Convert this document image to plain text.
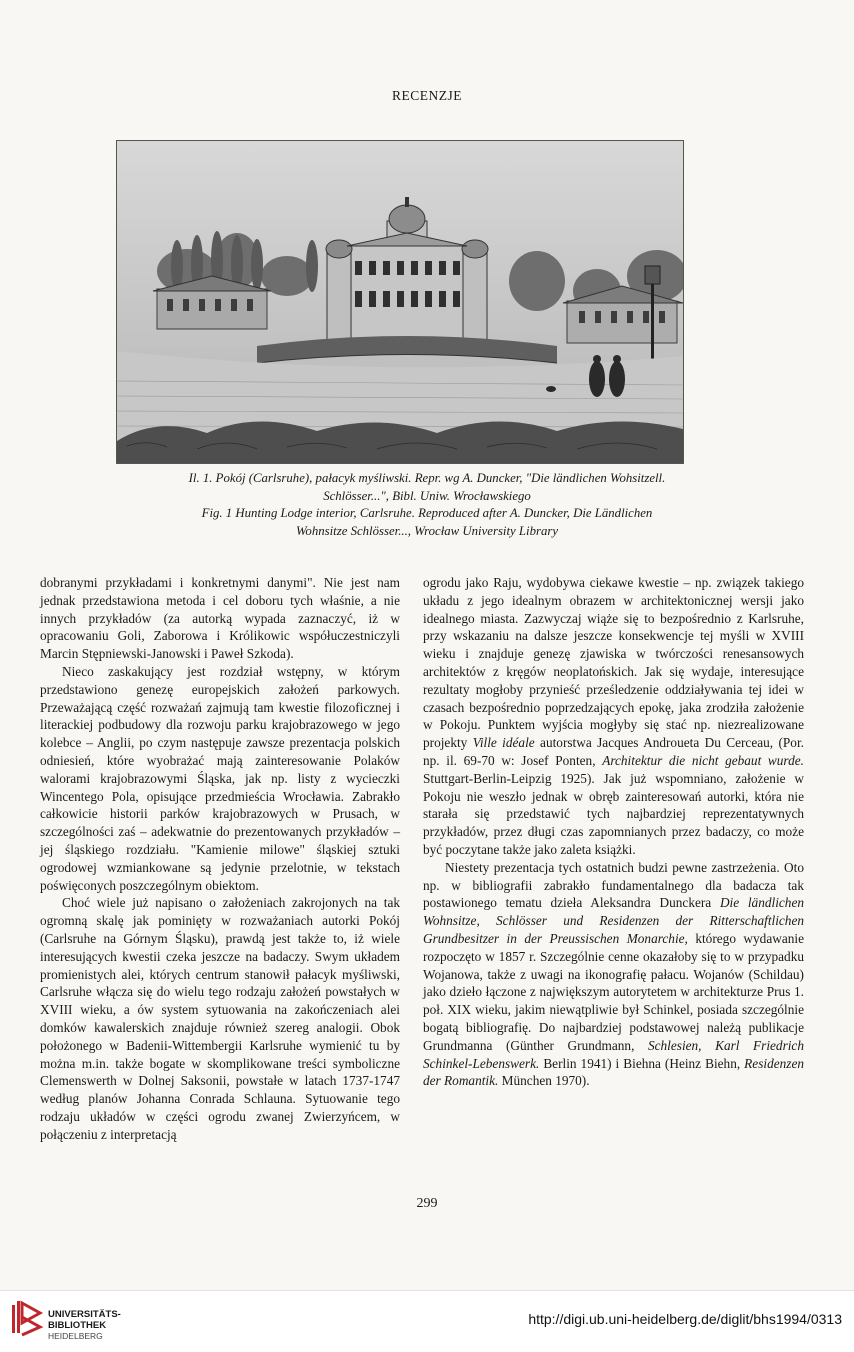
RECENZJE
Il. 1. Pokój (Carlsruhe), pałacyk myśliwski. Repr. wg A. Duncker, "Die ländlichen Wohsitzell.
Schlösser...", Bibl. Uniw. Wrocławskiego
Fig. 1 Hunting Lodge interior, Carlsruhe. Reproduced after A. Duncker, Die Ländlichen
Wohnsitze Schlösser..., Wrocław University Library

dobranymi przykładami i konkretnymi danymi". Nie jest nam jednak przedstawiona metoda i cel doboru tych właśnie, a nie innych przykładów (za autorką wypada zaznaczyć, iż w opracowaniu Goli, Zaborowa i Królikowic współuczestniczyli Marcin Stępniewski-Janowski i Paweł Szkoda).

Nieco zaskakujący jest rozdział wstępny, w którym przedstawiono genezę europejskich założeń parkowych. Przeważającą część rozważań zajmują tam kwestie filozoficznej i literackiej podbudowy dla rozwoju parku krajobrazowego w jego kolebce – Anglii, po czym następuje zawsze prezentacja polskich odniesień, które wyobrażać mają zainteresowanie Polaków walorami krajobrazowymi Śląska, jak np. listy z wycieczki Wincentego Pola, opisujące przedmieścia Wrocławia. Zabrakło całkowicie historii parków krajobrazowych w Prusach, w szczególności zaś – adekwatnie do prezentowanych przykładów – jej śląskiego rozdziału. "Kamienie milowe" śląskiej sztuki ogrodowej wzmiankowane są jedynie przelotnie, w tekstach poświęconych poszczególnym obiektom.

Choć wiele już napisano o założeniach zakrojonych na tak ogromną skalę jak pominięty w rozważaniach autorki Pokój (Carlsruhe na Górnym Śląsku), prawdą jest także to, iż wiele interesujących kwestii czeka jeszcze na badaczy. Swym układem promienistych alei, których centrum stanowił pałacyk myśliwski, Carlsruhe włącza się do wielu tego rodzaju założeń powstałych w XVIII wieku, a ów system sytuowania na zakończeniach alei domków kawalerskich znajduje również szereg analogii. Obok położonego w Badenii-Wittembergii Karlsruhe wymienić tu by można m.in. także bogate w skomplikowane treści symboliczne Clemenswerth w Dolnej Saksonii, powstałe w latach 1737-1747 według planów Johanna Conrada Schlauna. Sytuowanie tego rodzaju układów w części ogrodu zwanej Zwierzyńcem, w połączeniu z interpretacją

ogrodu jako Raju, wydobywa ciekawe kwestie – np. związek takiego układu z jego idealnym obrazem w architektonicznej wersji jako idealnego miasta. Zazwyczaj wiąże się to bezpośrednio z Karlsruhe, przy wskazaniu na dalsze jeszcze konsekwencje tej myśli w XVIII wieku i znajduje genezę zjawiska w twórczości renesansowych architektów z kręgów neoplatońskich. Jak się wydaje, interesujące rezultaty mogłoby przynieść prześledzenie oddziaływania tej idei w czasach bezpośrednio poprzedzających epokę, jaka zrodziła założenie w Pokoju. Punktem wyjścia mogłyby się stać np. niezrealizowane projekty Ville idéale autorstwa Jacques Androueta Du Cerceau, (Por. np. il. 69-70 w: Josef Ponten, Architektur die nicht gebaut wurde. Stuttgart-Berlin-Leipzig 1925). Jak już wspomniano, założenie w Pokoju nie weszło jednak w obręb zainteresowań autorki, która nie starała się przedstawić tych najbardziej reprezentatywnych przykładów, przez długi czas zapomnianych przez badaczy, co może być poczytane także jako zaleta książki.

Niestety prezentacja tych ostatnich budzi pewne zastrzeżenia. Oto np. w bibliografii zabrakło fundamentalnego dla badacza tak postawionego tematu dzieła Aleksandra Dunckera Die ländlichen Wohnsitze, Schlösser und Residenzen der Ritterschaftlichen Grundbesitzer in der Preussischen Monarchie, którego wydawanie rozpoczęto w 1857 r. Szczególnie cenne okazałoby się to w przypadku Wojanowa, także z uwagi na ikonografię pałacu. Wojanów (Schildau) jako dzieło łączone z największym autorytetem w architekturze Prus 1. poł. XIX wieku, jakim niewątpliwie był Schinkel, posiada szczególnie bogatą bibliografię. Do najbardziej podstawowej należą publikacje Grundmanna (Günther Grundmann, Schlesien, Karl Friedrich Schinkel-Lebenswerk. Berlin 1941) i Biehna (Heinz Biehn, Residenzen der Romantik. München 1970).

299
UNIVERSITÄTS-
BIBLIOTHEK
HEIDELBERG
http://digi.ub.uni-heidelberg.de/diglit/bhs1994/0313
